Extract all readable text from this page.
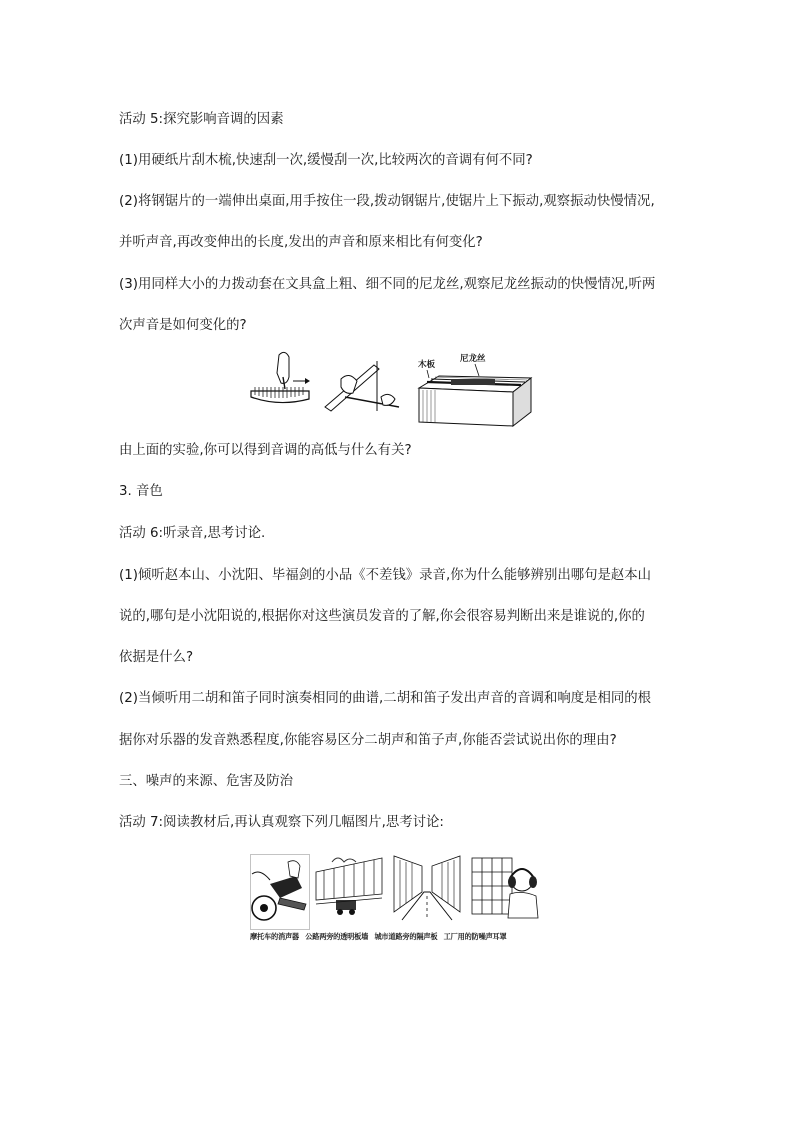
活动 5:探究影响音调的因素
(1)用硬纸片刮木梳,快速刮一次,缓慢刮一次,比较两次的音调有何不同?
(2)将钢锯片的一端伸出桌面,用手按住一段,拨动钢锯片,使锯片上下振动,观察振动快慢情况,
并听声音,再改变伸出的长度,发出的声音和原来相比有何变化?
(3)用同样大小的力拨动套在文具盒上粗、细不同的尼龙丝,观察尼龙丝振动的快慢情况,听两
次声音是如何变化的?
木板
尼龙丝
由上面的实验,你可以得到音调的高低与什么有关?
3. 音色
活动 6:听录音,思考讨论.
(1)倾听赵本山、小沈阳、毕福剑的小品《不差钱》录音,你为什么能够辨别出哪句是赵本山
说的,哪句是小沈阳说的,根据你对这些演员发音的了解,你会很容易判断出来是谁说的,你的
依据是什么?
(2)当倾听用二胡和笛子同时演奏相同的曲谱,二胡和笛子发出声音的音调和响度是相同的根
据你对乐器的发音熟悉程度,你能容易区分二胡声和笛子声,你能否尝试说出你的理由?
三、噪声的来源、危害及防治
活动 7:阅读教材后,再认真观察下列几幅图片,思考讨论:
摩托车的消声器 公路两旁的透明板墙 城市道路旁的隔声板 工厂用的防噪声耳罩
